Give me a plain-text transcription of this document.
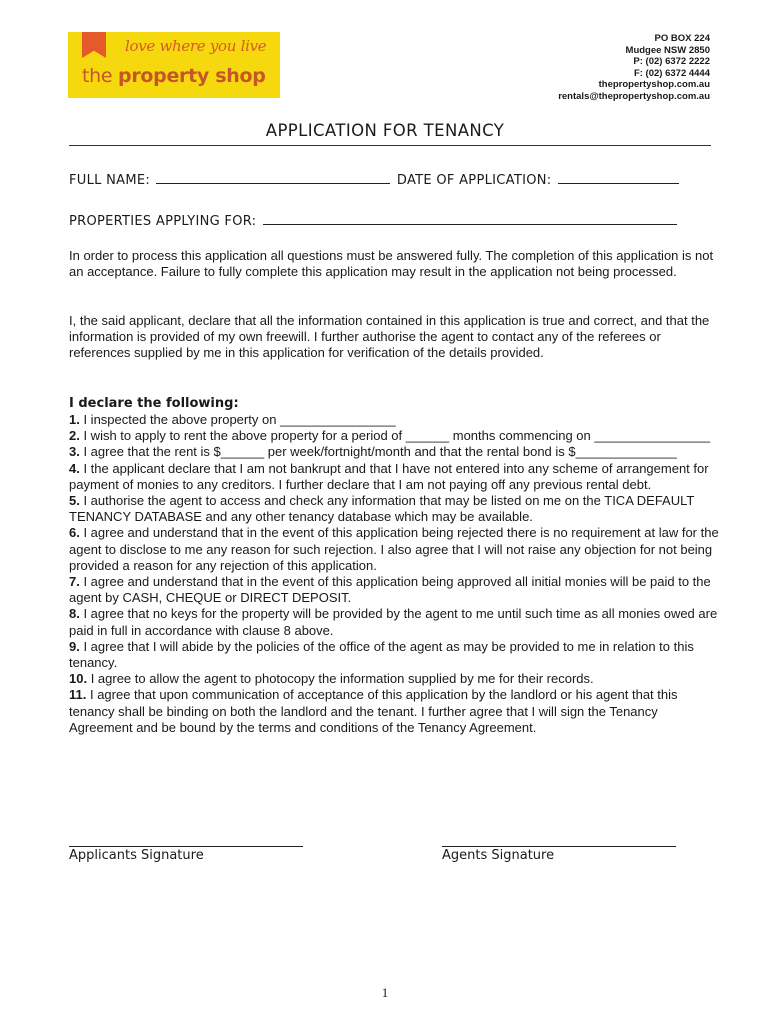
love where you live
the property shop
PO BOX 224
Mudgee NSW 2850
P: (02) 6372 2222
F: (02) 6372 4444
thepropertyshop.com.au
rentals@thepropertyshop.com.au
APPLICATION FOR TENANCY
FULL NAME:	DATE OF APPLICATION:
PROPERTIES APPLYING FOR:
In order to process this application all questions must be answered fully. The completion of this application is not an acceptance. Failure to fully complete this application may result in the application not being processed.
I, the said applicant, declare that all the information contained in this application is true and correct, and that the information is provided of my own freewill. I further authorise the agent to contact any of the referees or references supplied by me in this application for verification of the details provided.
I declare the following:
1. I inspected the above property on ________________
2. I wish to apply to rent the above property for a period of ______ months commencing on ________________
3. I agree that the rent is $______ per week/fortnight/month and that the rental bond is $______________
4. I the applicant declare that I am not bankrupt and that I have not entered into any scheme of arrangement for payment of monies to any creditors. I further declare that I am not paying off any previous rental debt.
5. I authorise the agent to access and check any information that may be listed on me on the TICA DEFAULT TENANCY DATABASE and any other tenancy database which may be available.
6. I agree and understand that in the event of this application being rejected there is no requirement at law for the agent to disclose to me any reason for such rejection. I also agree that I will not raise any objection for not being provided a reason for any rejection of this application.
7. I agree and understand that in the event of this application being approved all initial monies will be paid to the agent by CASH, CHEQUE or DIRECT DEPOSIT.
8. I agree that no keys for the property will be provided by the agent to me until such time as all monies owed are paid in full in accordance with clause 8 above.
9. I agree that I will abide by the policies of the office of the agent as may be provided to me in relation to this tenancy.
10. I agree to allow the agent to photocopy the information supplied by me for their records.
11. I agree that upon communication of acceptance of this application by the landlord or his agent that this tenancy shall be binding on both the landlord and the tenant. I further agree that I will sign the Tenancy Agreement and be bound by the terms and conditions of the Tenancy Agreement.
Applicants Signature	Agents Signature
1
